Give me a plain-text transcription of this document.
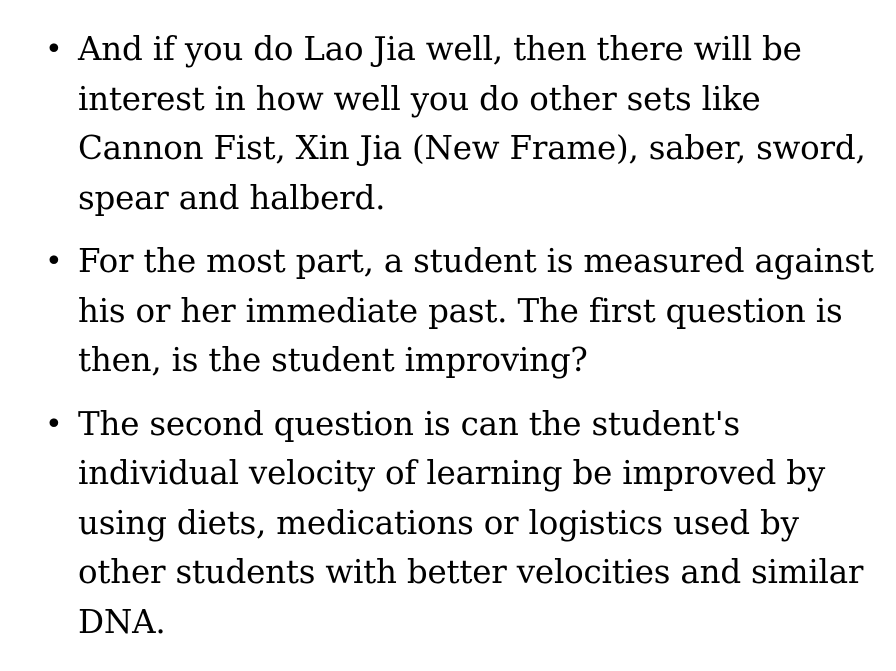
• And if you do Lao Jia well, then there will be interest in how well you do other sets like Cannon Fist, Xin Jia (New Frame), saber, sword, spear and halberd.
• For the most part, a student is measured against his or her immediate past. The first question is then, is the student improving?
• The second question is can the student's individual velocity of learning be improved by using diets, medications or logistics used by other students with better velocities and similar DNA.
